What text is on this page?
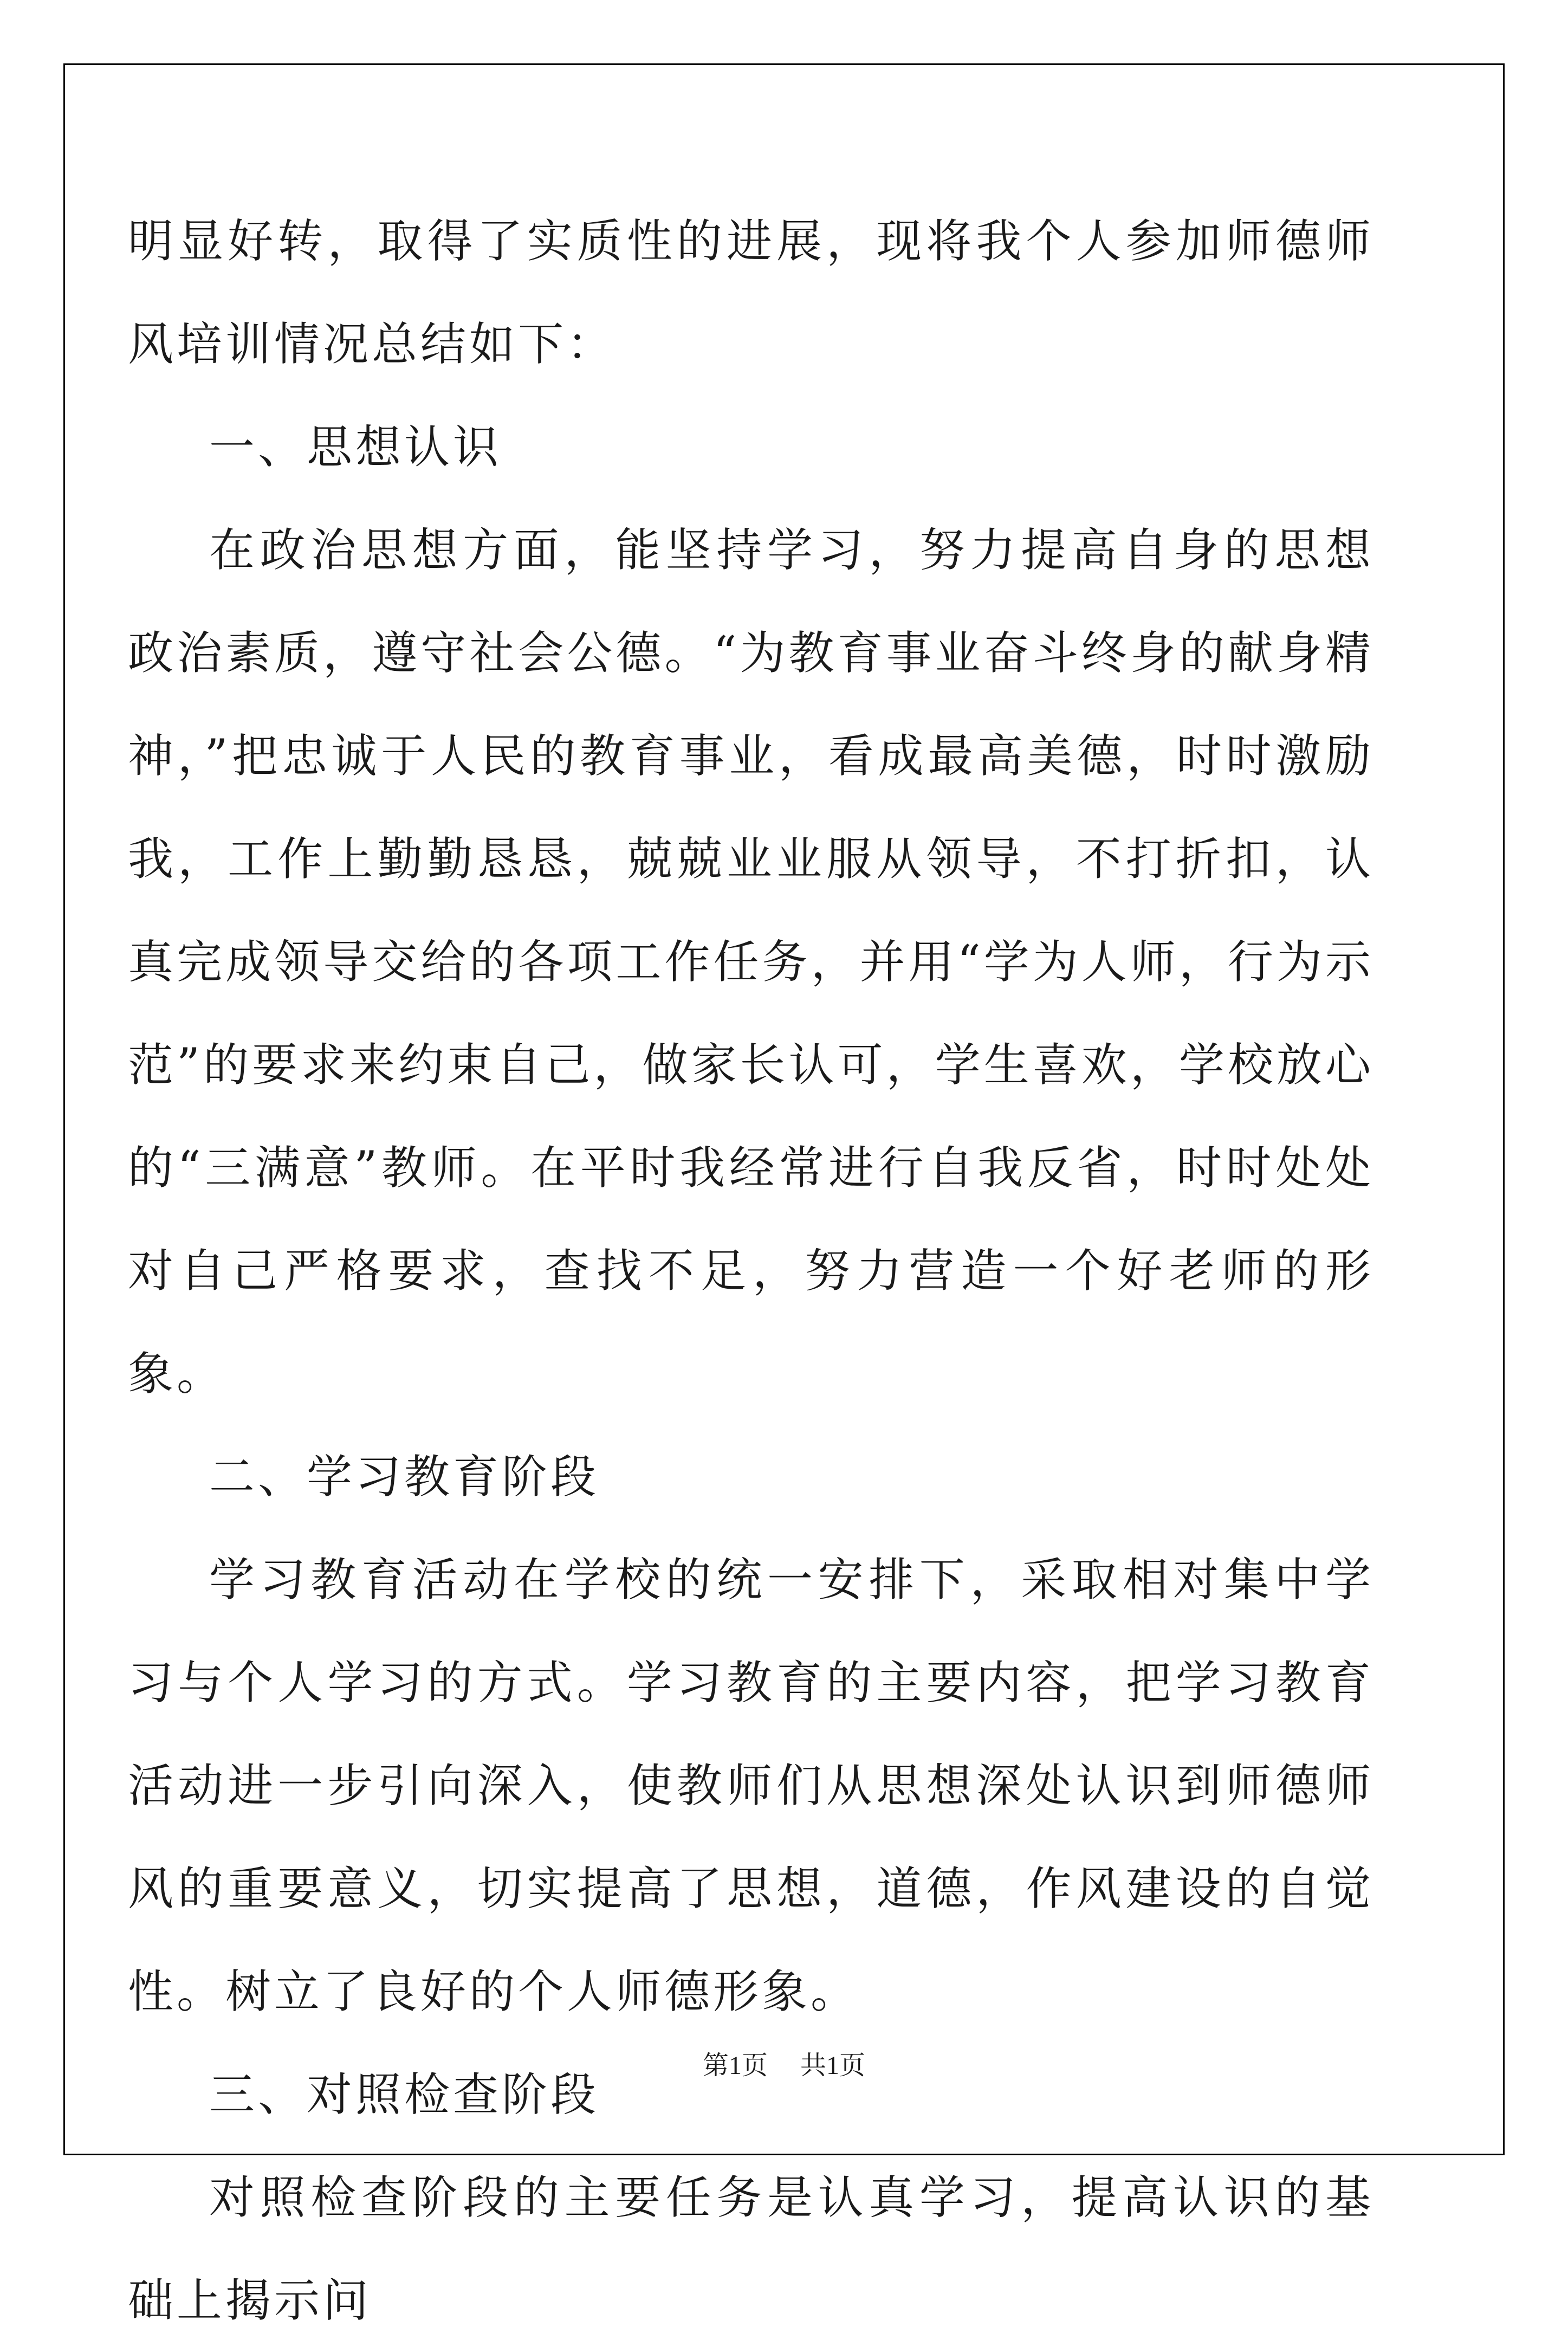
明显好转，取得了实质性的进展，现将我个人参加师德师风培训情况总结如下：

一、思想认识

在政治思想方面，能坚持学习，努力提高自身的思想政治素质，遵守社会公德。“为教育事业奋斗终身的献身精神，”把忠诚于人民的教育事业，看成最高美德，时时激励我，工作上勤勤恳恳，兢兢业业服从领导，不打折扣，认真完成领导交给的各项工作任务，并用“学为人师，行为示范”的要求来约束自己，做家长认可，学生喜欢，学校放心的“三满意”教师。在平时我经常进行自我反省，时时处处对自己严格要求，查找不足，努力营造一个好老师的形象。

二、学习教育阶段

学习教育活动在学校的统一安排下，采取相对集中学习与个人学习的方式。学习教育的主要内容，把学习教育活动进一步引向深入，使教师们从思想深处认识到师德师风的重要意义，切实提高了思想，道德，作风建设的自觉性。树立了良好的个人师德形象。

三、对照检查阶段

对照检查阶段的主要任务是认真学习，提高认识的基础上揭示问

第1页 共1页
